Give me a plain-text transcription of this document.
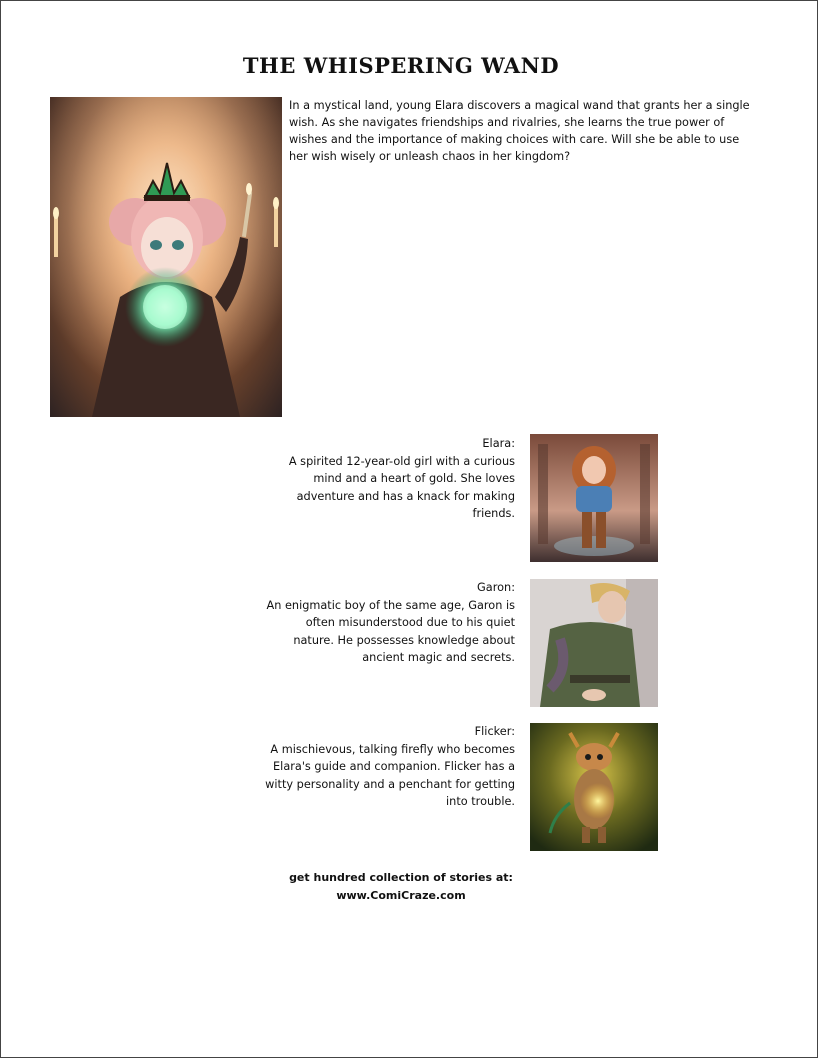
THE WHISPERING WAND
In a mystical land, young Elara discovers a magical wand that grants her a single wish. As she navigates friendships and rivalries, she learns the true power of wishes and the importance of making choices with care. Will she be able to use her wish wisely or unleash chaos in her kingdom?
Elara:
A spirited 12-year-old girl with a curious mind and a heart of gold. She loves adventure and has a knack for making friends.
Garon:
An enigmatic boy of the same age, Garon is often misunderstood due to his quiet nature. He possesses knowledge about ancient magic and secrets.
Flicker:
A mischievous, talking firefly who becomes Elara's guide and companion. Flicker has a witty personality and a penchant for getting into trouble.
get hundred collection of stories at:
www.ComiCraze.com
